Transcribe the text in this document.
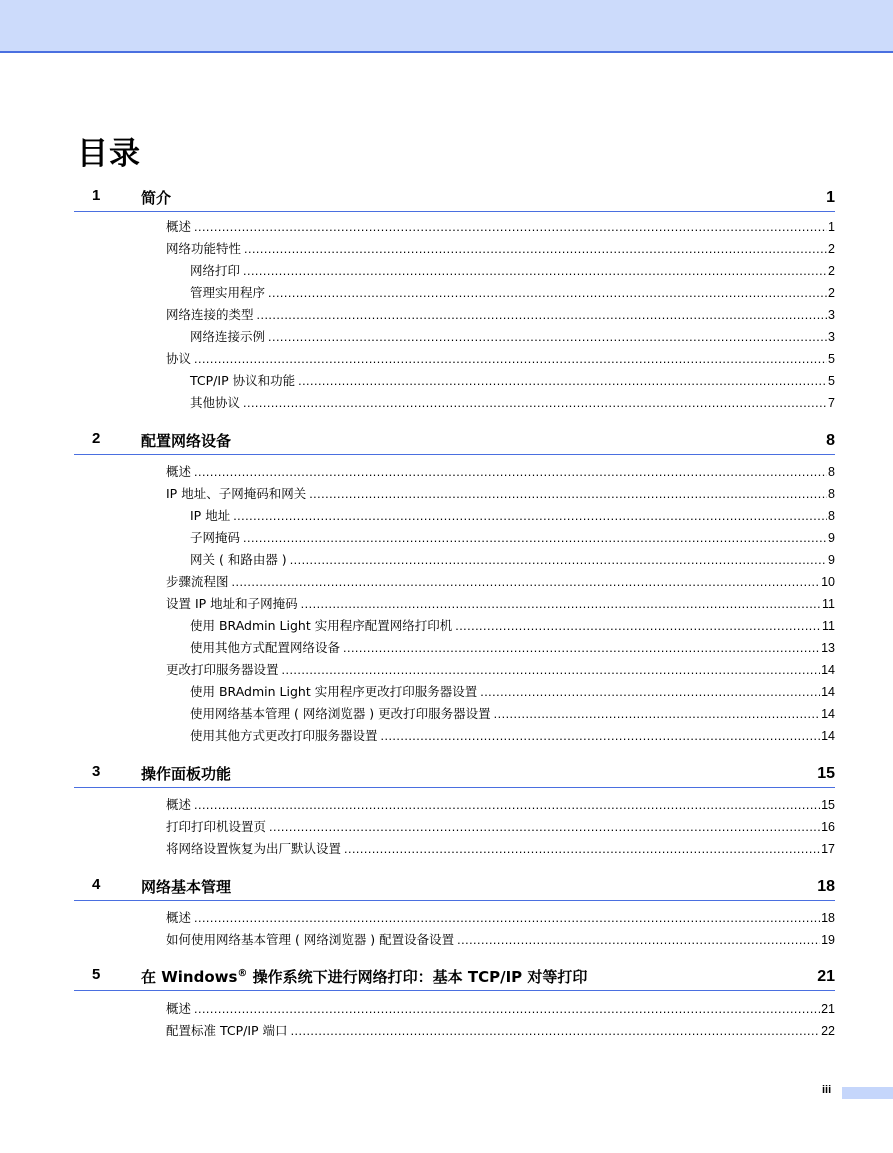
目录
1	简介	1
概述 .....	1
网络功能特性 .....	2
网络打印 .....	2
管理实用程序 .....	2
网络连接的类型 .....	3
网络连接示例 .....	3
协议 .....	5
TCP/IP 协议和功能 .....	5
其他协议 .....	7
2	配置网络设备	8
概述 .....	8
IP 地址、子网掩码和网关 .....	8
IP 地址 .....	8
子网掩码 .....	9
网关 ( 和路由器 ) .....	9
步骤流程图 .....	10
设置 IP 地址和子网掩码 .....	11
使用 BRAdmin Light 实用程序配置网络打印机 .....	11
使用其他方式配置网络设备 .....	13
更改打印服务器设置 .....	14
使用 BRAdmin Light 实用程序更改打印服务器设置 .....	14
使用网络基本管理 ( 网络浏览器 ) 更改打印服务器设置 .....	14
使用其他方式更改打印服务器设置 .....	14
3	操作面板功能	15
概述 .....	15
打印打印机设置页 .....	16
将网络设置恢复为出厂默认设置 .....	17
4	网络基本管理	18
概述 .....	18
如何使用网络基本管理 ( 网络浏览器 ) 配置设备设置 .....	19
5	在 Windows® 操作系统下进行网络打印：基本 TCP/IP 对等打印	21
概述 .....	21
配置标准 TCP/IP 端口 .....	22
iii
